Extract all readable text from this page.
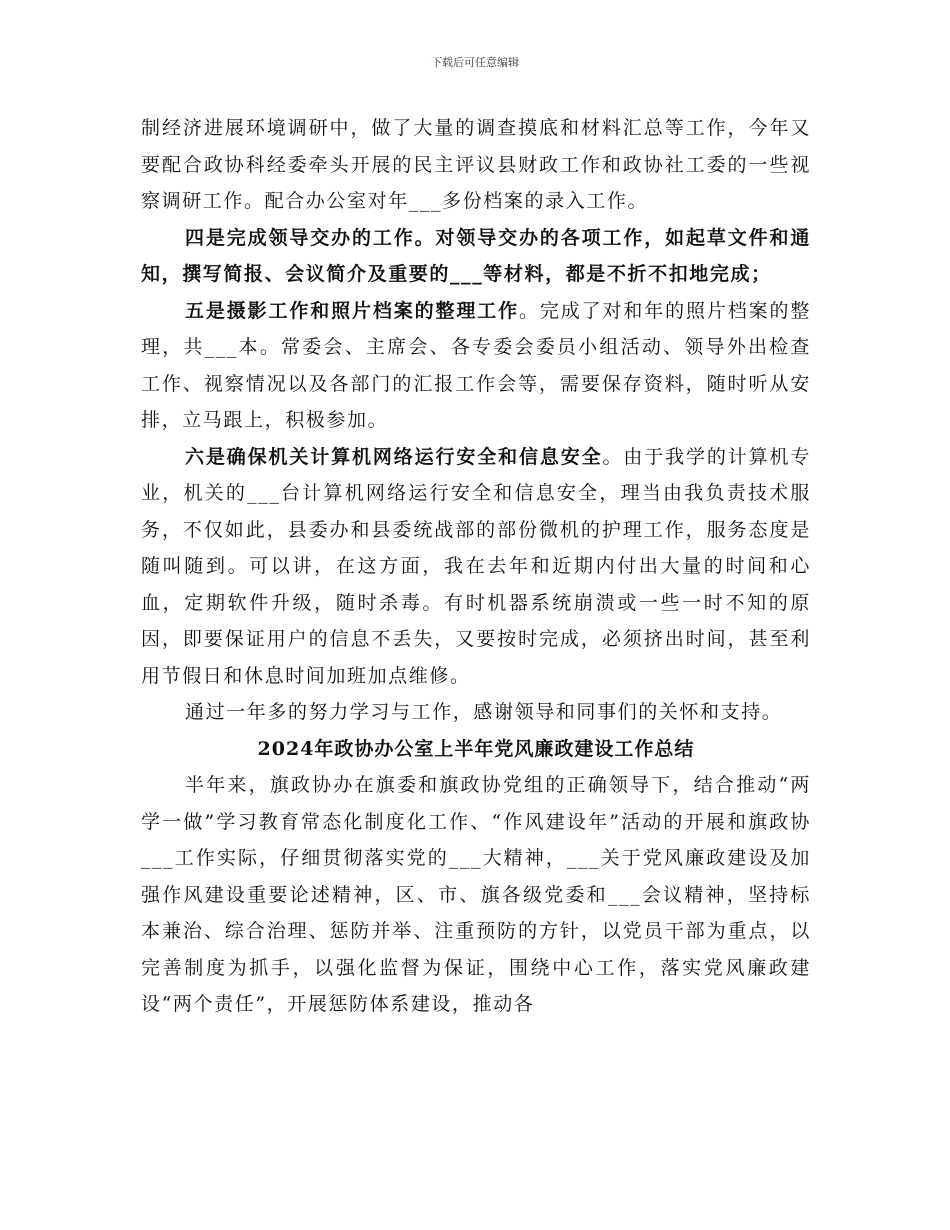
下载后可任意编辑

制经济进展环境调研中，做了大量的调查摸底和材料汇总等工作，今年又要配合政协科经委牵头开展的民主评议县财政工作和政协社工委的一些视察调研工作。配合办公室对年___多份档案的录入工作。

四是完成领导交办的工作。对领导交办的各项工作，如起草文件和通知，撰写简报、会议简介及重要的___等材料，都是不折不扣地完成；

五是摄影工作和照片档案的整理工作。完成了对和年的照片档案的整理，共___本。常委会、主席会、各专委会委员小组活动、领导外出检查工作、视察情况以及各部门的汇报工作会等，需要保存资料，随时听从安排，立马跟上，积极参加。

六是确保机关计算机网络运行安全和信息安全。由于我学的计算机专业，机关的___台计算机网络运行安全和信息安全，理当由我负责技术服务，不仅如此，县委办和县委统战部的部份微机的护理工作，服务态度是随叫随到。可以讲，在这方面，我在去年和近期内付出大量的时间和心血，定期软件升级，随时杀毒。有时机器系统崩溃或一些一时不知的原因，即要保证用户的信息不丢失，又要按时完成，必须挤出时间，甚至利用节假日和休息时间加班加点维修。

通过一年多的努力学习与工作，感谢领导和同事们的关怀和支持。

2024年政协办公室上半年党风廉政建设工作总结

半年来，旗政协办在旗委和旗政协党组的正确领导下，结合推动“两学一做”学习教育常态化制度化工作、“作风建设年”活动的开展和旗政协___工作实际，仔细贯彻落实党的___大精神，___关于党风廉政建设及加强作风建设重要论述精神，区、市、旗各级党委和___会议精神，坚持标本兼治、综合治理、惩防并举、注重预防的方针，以党员干部为重点，以完善制度为抓手，以强化监督为保证，围绕中心工作，落实党风廉政建设“两个责任”，开展惩防体系建设，推动各
